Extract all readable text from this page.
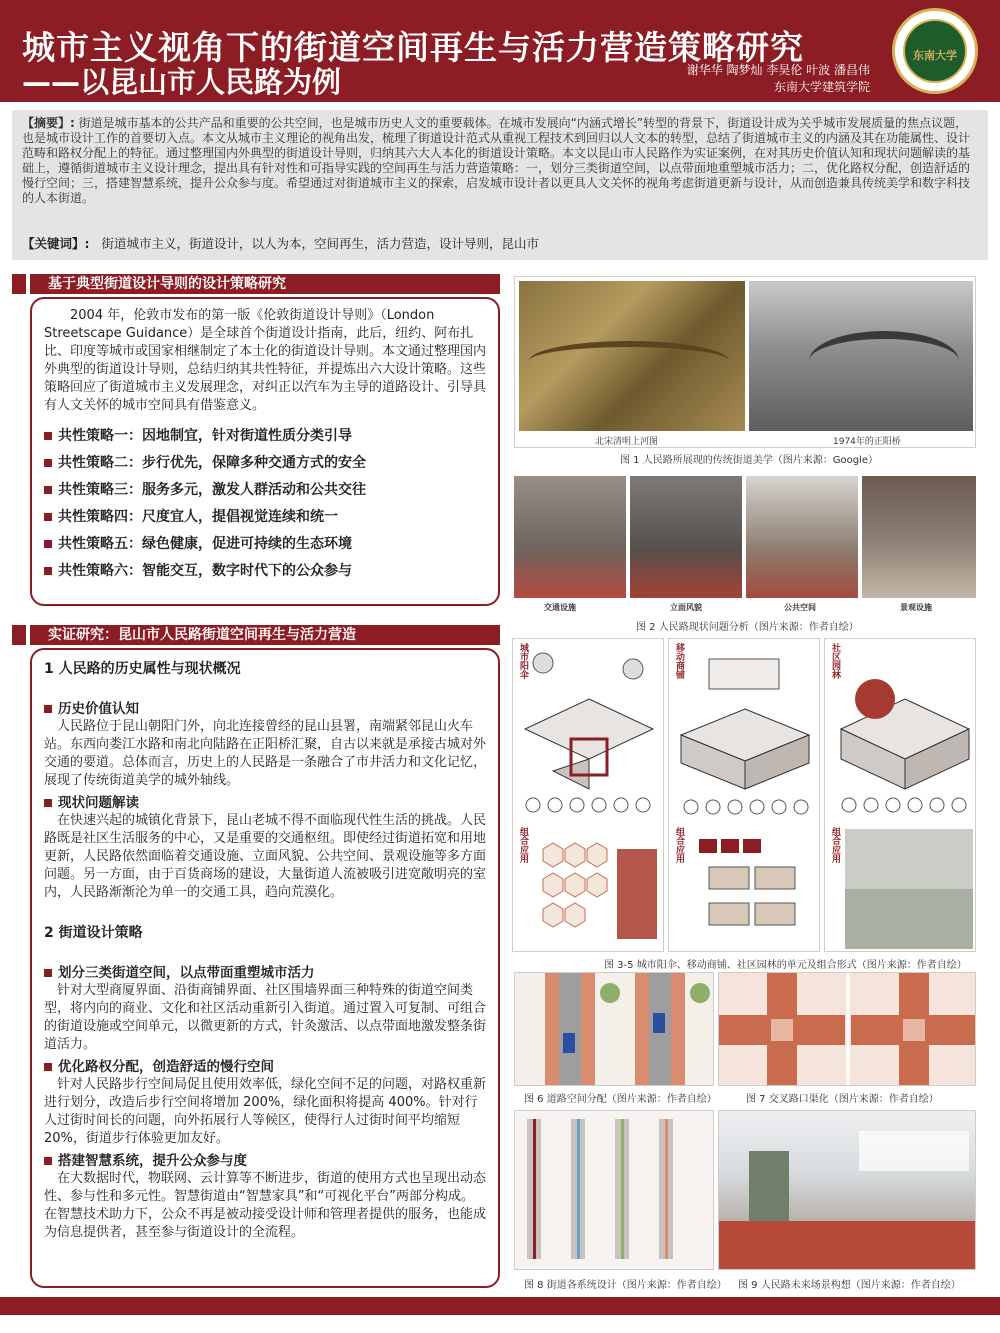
城市主义视角下的街道空间再生与活力营造策略研究
——以昆山市人民路为例	谢华华 陶梦灿 李昊伦 叶波 潘昌伟
东南大学建筑学院
东南大学
【摘要】: 街道是城市基本的公共产品和重要的公共空间，也是城市历史人文的重要载体。在城市发展向“内涵式增长”转型的背景下，街道设计成为关乎城市发展质量的焦点议题，也是城市设计工作的首要切入点。本文从城市主义理论的视角出发，梳理了街道设计范式从重视工程技术到回归以人文本的转型，总结了街道城市主义的内涵及其在功能属性、设计范畴和路权分配上的特征。通过整理国内外典型的街道设计导则，归纳其六大人本化的街道设计策略。本文以昆山市人民路作为实证案例，在对其历史价值认知和现状问题解读的基础上，遵循街道城市主义设计理念，提出具有针对性和可指导实践的空间再生与活力营造策略：一，划分三类街道空间，以点带面地重塑城市活力；二，优化路权分配，创造舒适的慢行空间；三，搭建智慧系统，提升公众参与度。希望通过对街道城市主义的探索，启发城市设计者以更具人文关怀的视角考虑街道更新与设计，从而创造兼具传统美学和数字科技的人本街道。
【关键词】: 街道城市主义，街道设计，以人为本，空间再生，活力营造，设计导则，昆山市
基于典型街道设计导则的设计策略研究

2004 年，伦敦市发布的第一版《伦敦街道设计导则》（London Streetscape Guidance）是全球首个街道设计指南，此后，纽约、阿布扎比、印度等城市或国家相继制定了本土化的街道设计导则。本文通过整理国内外典型的街道设计导则，总结归纳其共性特征，并提炼出六大设计策略。这些策略回应了街道城市主义发展理念，对纠正以汽车为主导的道路设计、引导具有人文关怀的城市空间具有借鉴意义。

共性策略一：因地制宜，针对街道性质分类引导
共性策略二：步行优先，保障多种交通方式的安全
共性策略三：服务多元，激发人群活动和公共交往
共性策略四：尺度宜人，提倡视觉连续和统一
共性策略五：绿色健康，促进可持续的生态环境
共性策略六：智能交互，数字时代下的公众参与
实证研究：昆山市人民路街道空间再生与活力营造
1 人民路的历史属性与现状概况
历史价值认知

人民路位于昆山朝阳门外，向北连接曾经的昆山县署，南端紧邻昆山火车站。东西向娄江水路和南北向陆路在正阳桥汇聚，自古以来就是承接古城对外交通的要道。总体而言，历史上的人民路是一条融合了市井活力和文化记忆，展现了传统街道美学的城外轴线。

现状问题解读

在快速兴起的城镇化背景下，昆山老城不得不面临现代性生活的挑战。人民路既是社区生活服务的中心，又是重要的交通枢纽。即使经过街道拓宽和用地更新，人民路依然面临着交通设施、立面风貌、公共空间、景观设施等多方面问题。另一方面，由于百货商场的建设，大量街道人流被吸引进宽敞明亮的室内，人民路渐渐沦为单一的交通工具，趋向荒漠化。

2 街道设计策略
划分三类街道空间，以点带面重塑城市活力

针对大型商厦界面、沿街商铺界面、社区围墙界面三种特殊的街道空间类型，将内向的商业、文化和社区活动重新引入街道。通过置入可复制、可组合的街道设施或空间单元，以微更新的方式，针灸激活、以点带面地激发整条街道活力。

优化路权分配，创造舒适的慢行空间

针对人民路步行空间局促且使用效率低，绿化空间不足的问题，对路权重新进行划分，改造后步行空间将增加 200%，绿化面积将提高 400%。针对行人过街时间长的问题，向外拓展行人等候区，使得行人过街时间平均缩短 20%，街道步行体验更加友好。

搭建智慧系统，提升公众参与度

在大数据时代，物联网、云计算等不断进步，街道的使用方式也呈现出动态性、参与性和多元性。智慧街道由“智慧家具”和“可视化平台”两部分构成。在智慧技术助力下，公众不再是被动接受设计师和管理者提供的服务，也能成为信息提供者，甚至参与街道设计的全流程。

北宋清明上河图	1974年的正阳桥
图 1 人民路所展现的传统街道美学（图片来源：Google）
交通设施	立面风貌	公共空间	景观设施
图 2 人民路现状问题分析（图片来源：作者自绘）
城市阳伞
组合应用
移动商铺
组合应用
社区园林
组合应用
图 3-5 城市阳伞、移动商铺、社区园林的单元及组合形式（图片来源：作者自绘）
图 6 道路空间分配（图片来源：作者自绘）	图 7 交叉路口渠化（图片来源：作者自绘）
图 8 街道各系统设计（图片来源：作者自绘） 图 9 人民路未来场景构想（图片来源：作者自绘）
